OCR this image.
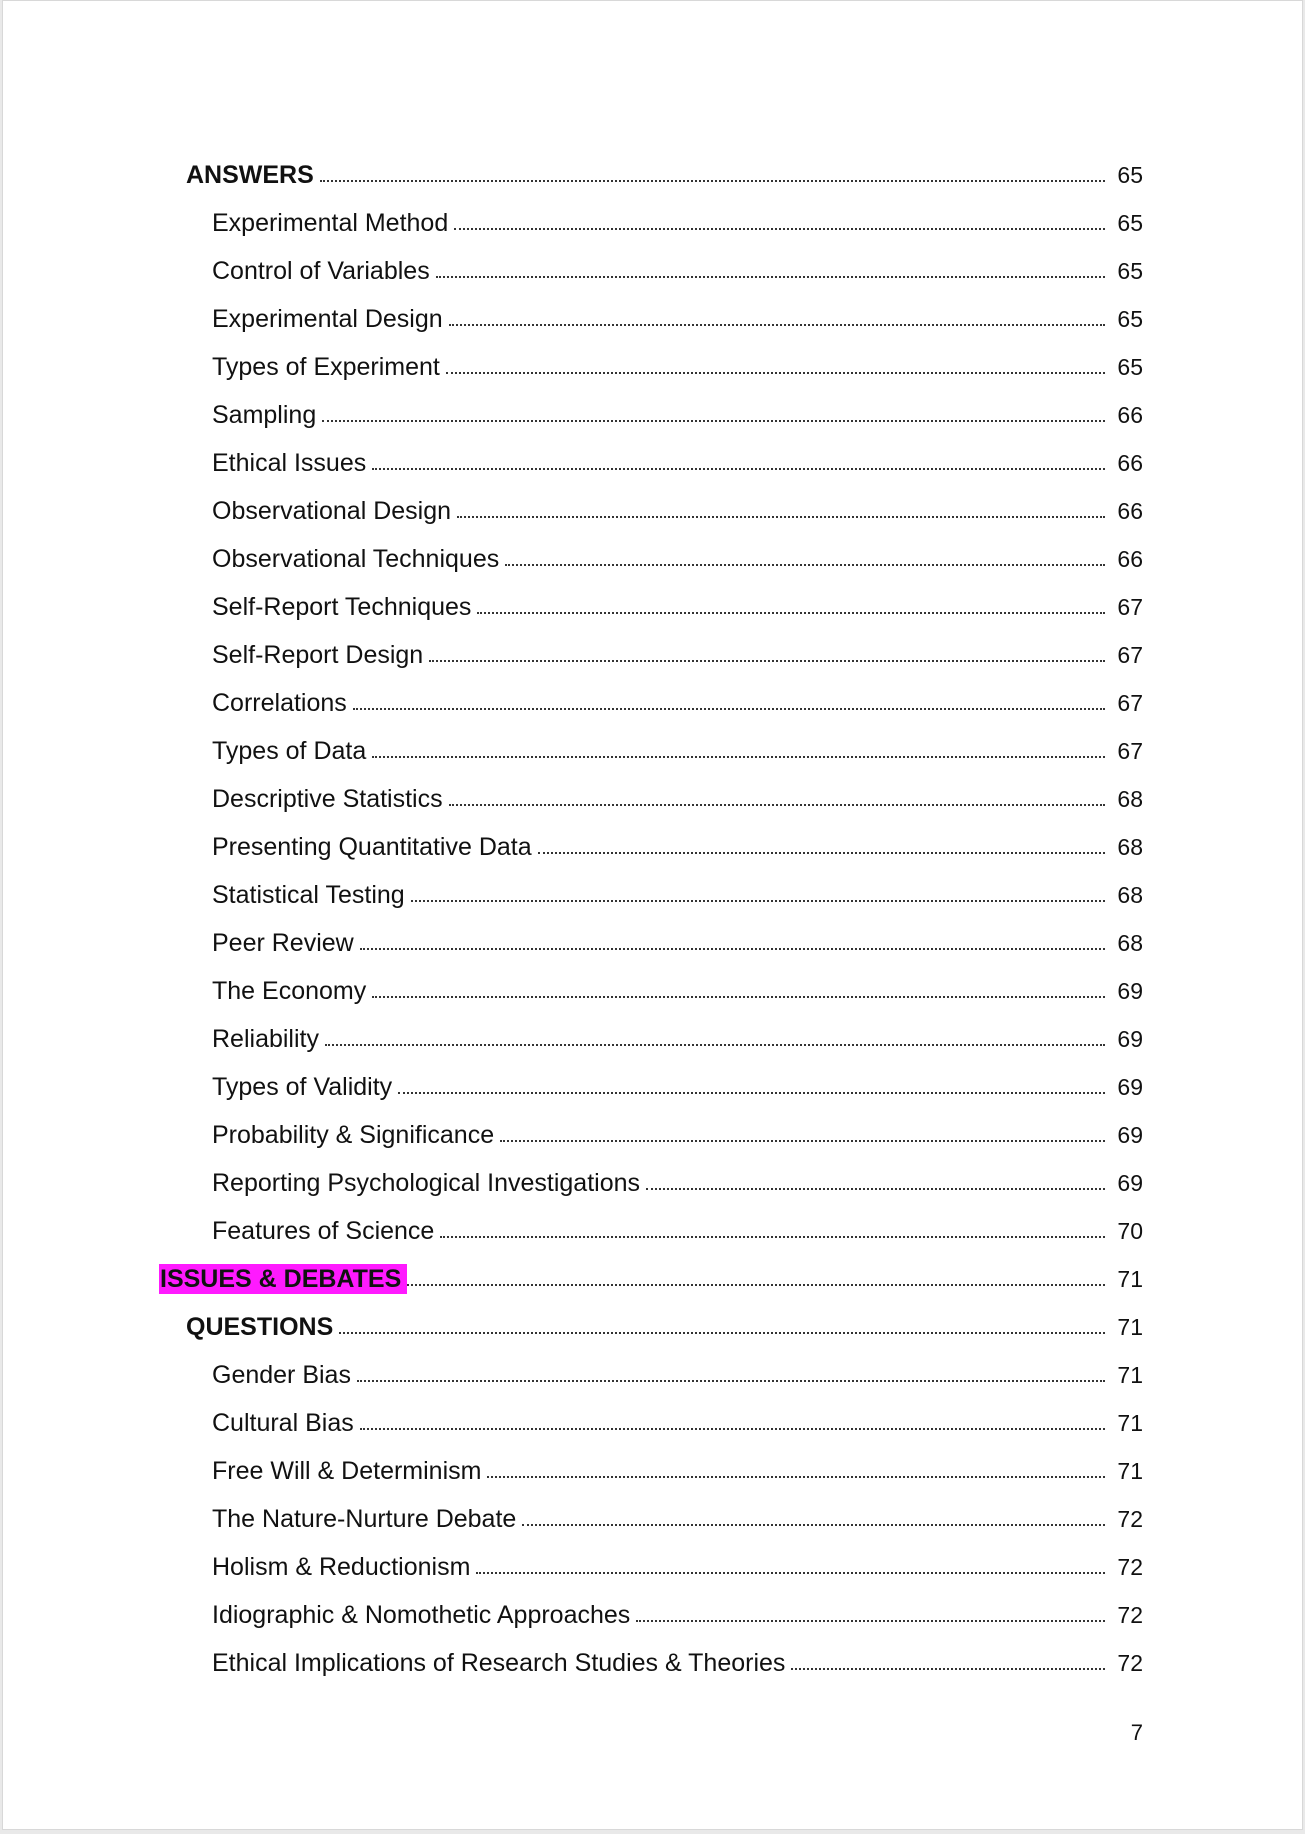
ANSWERS	65
Experimental Method	65
Control of Variables	65
Experimental Design	65
Types of Experiment	65
Sampling	66
Ethical Issues	66
Observational Design	66
Observational Techniques	66
Self-Report Techniques	67
Self-Report Design	67
Correlations	67
Types of Data	67
Descriptive Statistics	68
Presenting Quantitative Data	68
Statistical Testing	68
Peer Review	68
The Economy	69
Reliability	69
Types of Validity	69
Probability & Significance	69
Reporting Psychological Investigations	69
Features of Science	70
ISSUES & DEBATES	71
QUESTIONS	71
Gender Bias	71
Cultural Bias	71
Free Will & Determinism	71
The Nature-Nurture Debate	72
Holism & Reductionism	72
Idiographic & Nomothetic Approaches	72
Ethical Implications of Research Studies & Theories	72
7
